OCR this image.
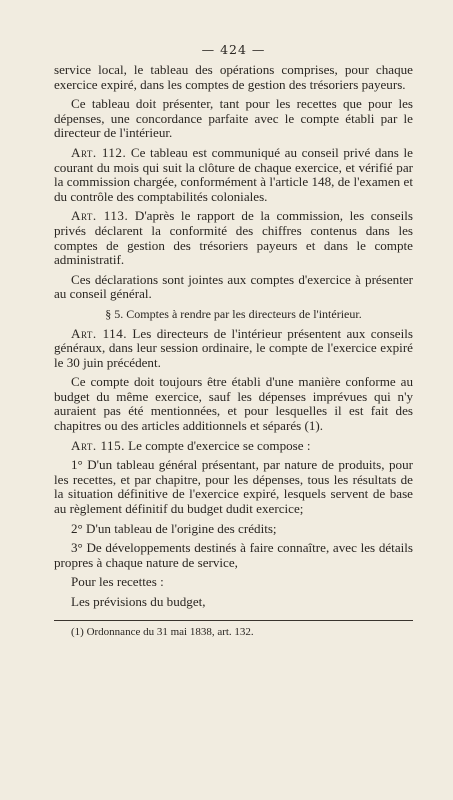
— 424 —

service local, le tableau des opérations comprises, pour chaque exercice expiré, dans les comptes de gestion des trésoriers payeurs.

Ce tableau doit présenter, tant pour les recettes que pour les dépenses, une concordance parfaite avec le compte établi par le directeur de l'intérieur.

Art. 112. Ce tableau est communiqué au conseil privé dans le courant du mois qui suit la clôture de chaque exercice, et vérifié par la commission chargée, conformément à l'article 148, de l'examen et du contrôle des comptabilités coloniales.

Art. 113. D'après le rapport de la commission, les conseils privés déclarent la conformité des chiffres contenus dans les comptes de gestion des trésoriers payeurs et dans le compte administratif.

Ces déclarations sont jointes aux comptes d'exercice à présenter au conseil général.

§ 5. Comptes à rendre par les directeurs de l'intérieur.

Art. 114. Les directeurs de l'intérieur présentent aux conseils généraux, dans leur session ordinaire, le compte de l'exercice expiré le 30 juin précédent.

Ce compte doit toujours être établi d'une manière conforme au budget du même exercice, sauf les dépenses imprévues qui n'y auraient pas été mentionnées, et pour lesquelles il est fait des chapitres ou des articles additionnels et séparés (1).

Art. 115. Le compte d'exercice se compose :

1° D'un tableau général présentant, par nature de produits, pour les recettes, et par chapitre, pour les dépenses, tous les résultats de la situation définitive de l'exercice expiré, lesquels servent de base au règlement définitif du budget dudit exercice;

2° D'un tableau de l'origine des crédits;

3° De développements destinés à faire connaître, avec les détails propres à chaque nature de service,

Pour les recettes :

Les prévisions du budget,

(1) Ordonnance du 31 mai 1838, art. 132.
